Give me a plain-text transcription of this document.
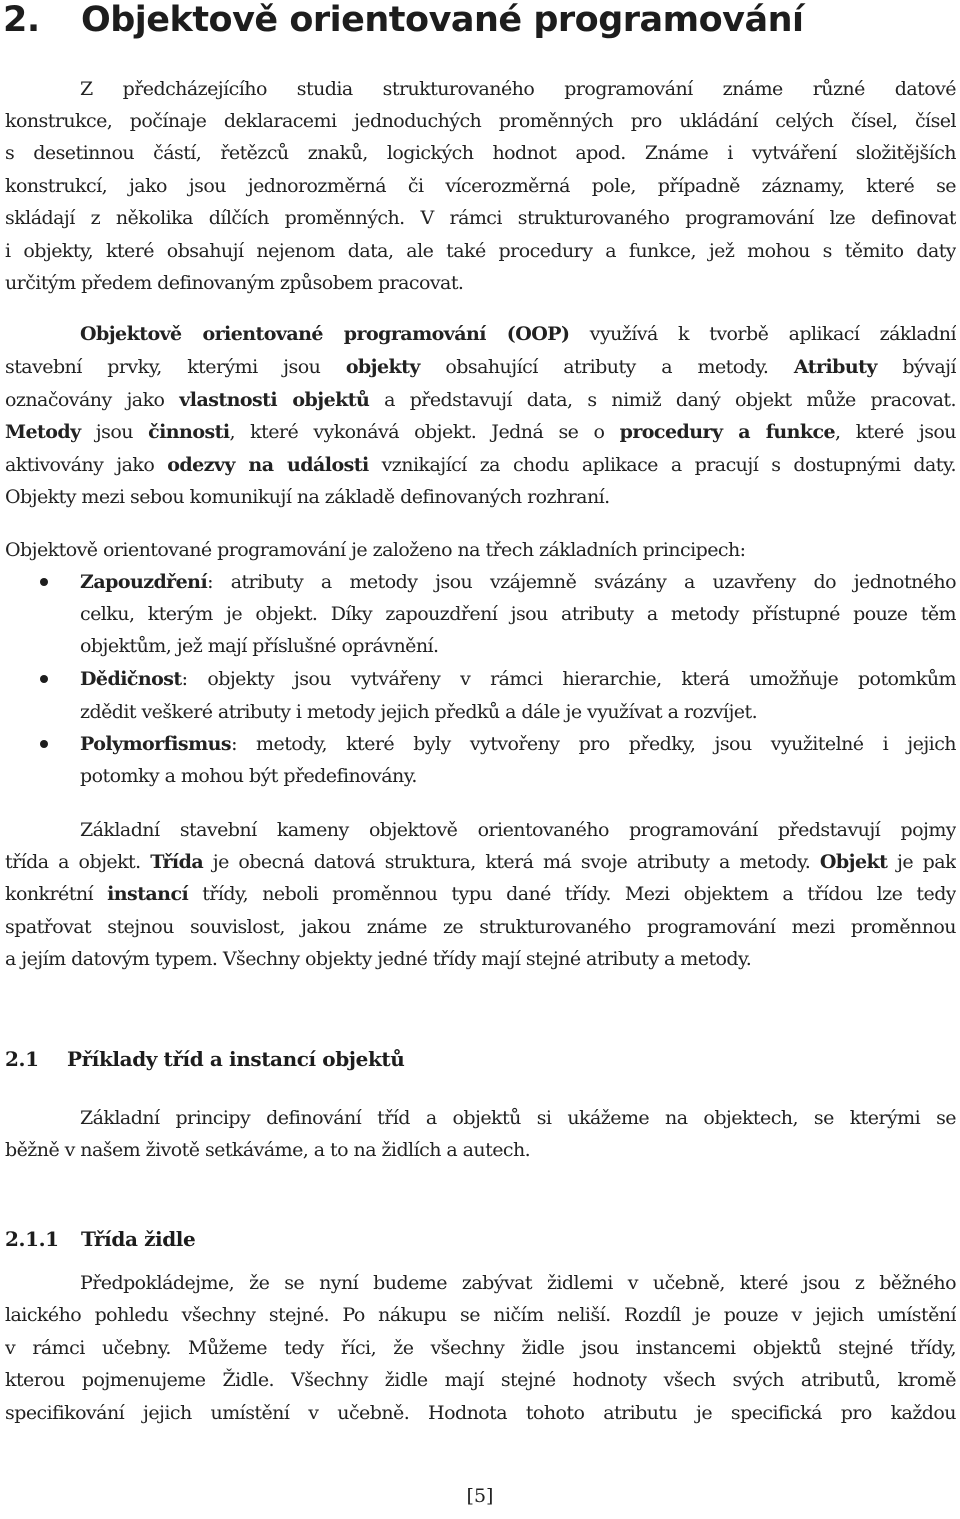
2. Objektově orientované programování
Z předcházejícího studia strukturovaného programování známe různé datové
konstrukce, počínaje deklaracemi jednoduchých proměnných pro ukládání celých čísel, čísel
s desetinnou částí, řetězců znaků, logických hodnot apod. Známe i vytváření složitějších
konstrukcí, jako jsou jednorozměrná či vícerozměrná pole, případně záznamy, které se
skládají z několika dílčích proměnných. V rámci strukturovaného programování lze definovat
i objekty, které obsahují nejenom data, ale také procedury a funkce, jež mohou s těmito daty
určitým předem definovaným způsobem pracovat.
Objektově orientované programování (OOP) využívá k tvorbě aplikací základní
stavební prvky, kterými jsou objekty obsahující atributy a metody. Atributy bývají
označovány jako vlastnosti objektů a představují data, s nimiž daný objekt může pracovat.
Metody jsou činnosti, které vykonává objekt. Jedná se o procedury a funkce, které jsou
aktivovány jako odezvy na události vznikající za chodu aplikace a pracují s dostupnými daty.
Objekty mezi sebou komunikují na základě definovaných rozhraní.
Objektově orientované programování je založeno na třech základních principech:
Zapouzdření: atributy a metody jsou vzájemně svázány a uzavřeny do jednotného
celku, kterým je objekt. Díky zapouzdření jsou atributy a metody přístupné pouze těm
objektům, jež mají příslušné oprávnění.
Dědičnost: objekty jsou vytvářeny v rámci hierarchie, která umožňuje potomkům
zdědit veškeré atributy i metody jejich předků a dále je využívat a rozvíjet.
Polymorfismus: metody, které byly vytvořeny pro předky, jsou využitelné i jejich
potomky a mohou být předefinovány.
Základní stavební kameny objektově orientovaného programování představují pojmy
třída a objekt. Třída je obecná datová struktura, která má svoje atributy a metody. Objekt je pak
konkrétní instancí třídy, neboli proměnnou typu dané třídy. Mezi objektem a třídou lze tedy
spatřovat stejnou souvislost, jakou známe ze strukturovaného programování mezi proměnnou
a jejím datovým typem. Všechny objekty jedné třídy mají stejné atributy a metody.
2.1 Příklady tříd a instancí objektů
Základní principy definování tříd a objektů si ukážeme na objektech, se kterými se
běžně v našem životě setkáváme, a to na židlích a autech.
2.1.1 Třída židle
Předpokládejme, že se nyní budeme zabývat židlemi v učebně, které jsou z běžného
laického pohledu všechny stejné. Po nákupu se ničím neliší. Rozdíl je pouze v jejich umístění
v rámci učebny. Můžeme tedy říci, že všechny židle jsou instancemi objektů stejné třídy,
kterou pojmenujeme Židle. Všechny židle mají stejné hodnoty všech svých atributů, kromě
specifikování jejich umístění v učebně. Hodnota tohoto atributu je specifická pro každou
[5]
